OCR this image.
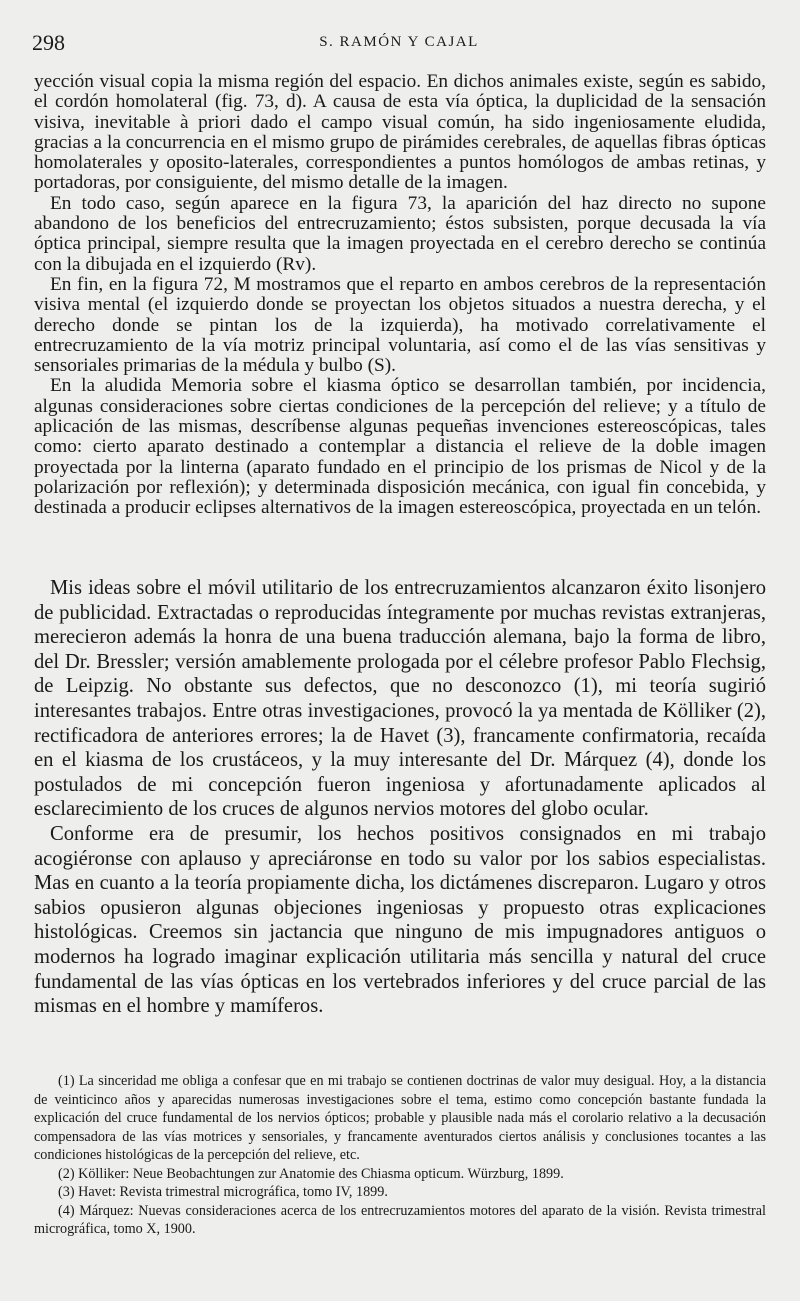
298	S. RAMÓN Y CAJAL

yección visual copia la misma región del espacio. En dichos animales existe, según es sabido, el cordón homolateral (fig. 73, d). A causa de esta vía óptica, la duplicidad de la sensación visiva, inevitable à priori dado el campo visual común, ha sido ingeniosamente eludida, gracias a la concurrencia en el mismo grupo de pirámides cerebrales, de aquellas fibras ópticas homolaterales y oposito-laterales, correspondientes a puntos homólogos de ambas retinas, y portadoras, por consiguiente, del mismo detalle de la imagen.

En todo caso, según aparece en la figura 73, la aparición del haz directo no supone abandono de los beneficios del entrecruzamiento; éstos subsisten, porque decusada la vía óptica principal, siempre resulta que la imagen proyectada en el cerebro derecho se continúa con la dibujada en el izquierdo (Rv).

En fin, en la figura 72, M mostramos que el reparto en ambos cerebros de la representación visiva mental (el izquierdo donde se proyectan los objetos situados a nuestra derecha, y el derecho donde se pintan los de la izquierda), ha motivado correlativamente el entrecruzamiento de la vía motriz principal voluntaria, así como el de las vías sensitivas y sensoriales primarias de la médula y bulbo (S).

En la aludida Memoria sobre el kiasma óptico se desarrollan también, por incidencia, algunas consideraciones sobre ciertas condiciones de la percepción del relieve; y a título de aplicación de las mismas, descríbense algunas pequeñas invenciones estereoscópicas, tales como: cierto aparato destinado a contemplar a distancia el relieve de la doble imagen proyectada por la linterna (aparato fundado en el principio de los prismas de Nicol y de la polarización por reflexión); y determinada disposición mecánica, con igual fin concebida, y destinada a producir eclipses alternativos de la imagen estereoscópica, proyectada en un telón.

Mis ideas sobre el móvil utilitario de los entrecruzamientos alcanzaron éxito lisonjero de publicidad. Extractadas o reproducidas íntegramente por muchas revistas extranjeras, merecieron además la honra de una buena traducción alemana, bajo la forma de libro, del Dr. Bressler; versión amablemente prologada por el célebre profesor Pablo Flechsig, de Leipzig. No obstante sus defectos, que no desconozco (1), mi teoría sugirió interesantes trabajos. Entre otras investigaciones, provocó la ya mentada de Kölliker (2), rectificadora de anteriores errores; la de Havet (3), francamente confirmatoria, recaída en el kiasma de los crustáceos, y la muy interesante del Dr. Márquez (4), donde los postulados de mi concepción fueron ingeniosa y afortunadamente aplicados al esclarecimiento de los cruces de algunos nervios motores del globo ocular.

Conforme era de presumir, los hechos positivos consignados en mi trabajo acogiéronse con aplauso y apreciáronse en todo su valor por los sabios especialistas. Mas en cuanto a la teoría propiamente dicha, los dictámenes discreparon. Lugaro y otros sabios opusieron algunas objeciones ingeniosas y propuesto otras explicaciones histológicas. Creemos sin jactancia que ninguno de mis impugnadores antiguos o modernos ha logrado imaginar explicación utilitaria más sencilla y natural del cruce fundamental de las vías ópticas en los vertebrados inferiores y del cruce parcial de las mismas en el hombre y mamíferos.

(1) La sinceridad me obliga a confesar que en mi trabajo se contienen doctrinas de valor muy desigual. Hoy, a la distancia de veinticinco años y aparecidas numerosas investigaciones sobre el tema, estimo como concepción bastante fundada la explicación del cruce fundamental de los nervios ópticos; probable y plausible nada más el corolario relativo a la decusación compensadora de las vías motrices y sensoriales, y francamente aventurados ciertos análisis y conclusiones tocantes a las condiciones histológicas de la percepción del relieve, etc.

(2) Kölliker: Neue Beobachtungen zur Anatomie des Chiasma opticum. Würzburg, 1899.

(3) Havet: Revista trimestral micrográfica, tomo IV, 1899.

(4) Márquez: Nuevas consideraciones acerca de los entrecruzamientos motores del aparato de la visión. Revista trimestral micrográfica, tomo X, 1900.
